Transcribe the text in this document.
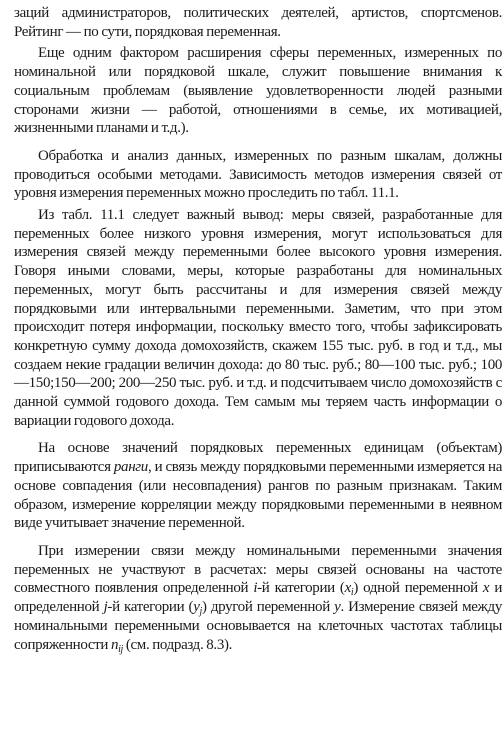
заций администраторов, политических деятелей, артистов, спортсменов. Рейтинг — по сути, порядковая переменная.

Еще одним фактором расширения сферы переменных, измеренных по номинальной или порядковой шкале, служит повышение внимания к социальным проблемам (выявление удовлетворенности людей разными сторонами жизни — работой, отношениями в семье, их мотивацией, жизненными планами и т.д.).

Обработка и анализ данных, измеренных по разным шкалам, должны проводиться особыми методами. Зависимость методов измерения связей от уровня измерения переменных можно проследить по табл. 11.1.

Из табл. 11.1 следует важный вывод: меры связей, разработанные для переменных более низкого уровня измерения, могут использоваться для измерения связей между переменными более высокого уровня измерения. Говоря иными словами, меры, которые разработаны для номинальных переменных, могут быть рассчитаны и для измерения связей между порядковыми или интервальными переменными. Заметим, что при этом происходит потеря информации, поскольку вместо того, чтобы зафиксировать конкретную сумму дохода домохозяйств, скажем 155 тыс. руб. в год и т.д., мы создаем некие градации величин дохода: до 80 тыс. руб.; 80—100 тыс. руб.; 100—150;150—200; 200—250 тыс. руб. и т.д. и подсчитываем число домохозяйств с данной суммой годового дохода. Тем самым мы теряем часть информации о вариации годового дохода.

На основе значений порядковых переменных единицам (объектам) приписываются ранги, и связь между порядковыми переменными измеряется на основе совпадения (или несовпадения) рангов по разным признакам. Таким образом, измерение корреляции между порядковыми переменными в неявном виде учитывает значение переменной.

При измерении связи между номинальными переменными значения переменных не участвуют в расчетах: меры связей основаны на частоте совместного появления определенной i-й категории $(x_i)$ одной переменной x и определенной j-й категории $(y_j)$ другой переменной y. Измерение связей между номинальными переменными основывается на клеточных частотах таблицы сопряженности $n_{ij}$ (см. подразд. 8.3).
